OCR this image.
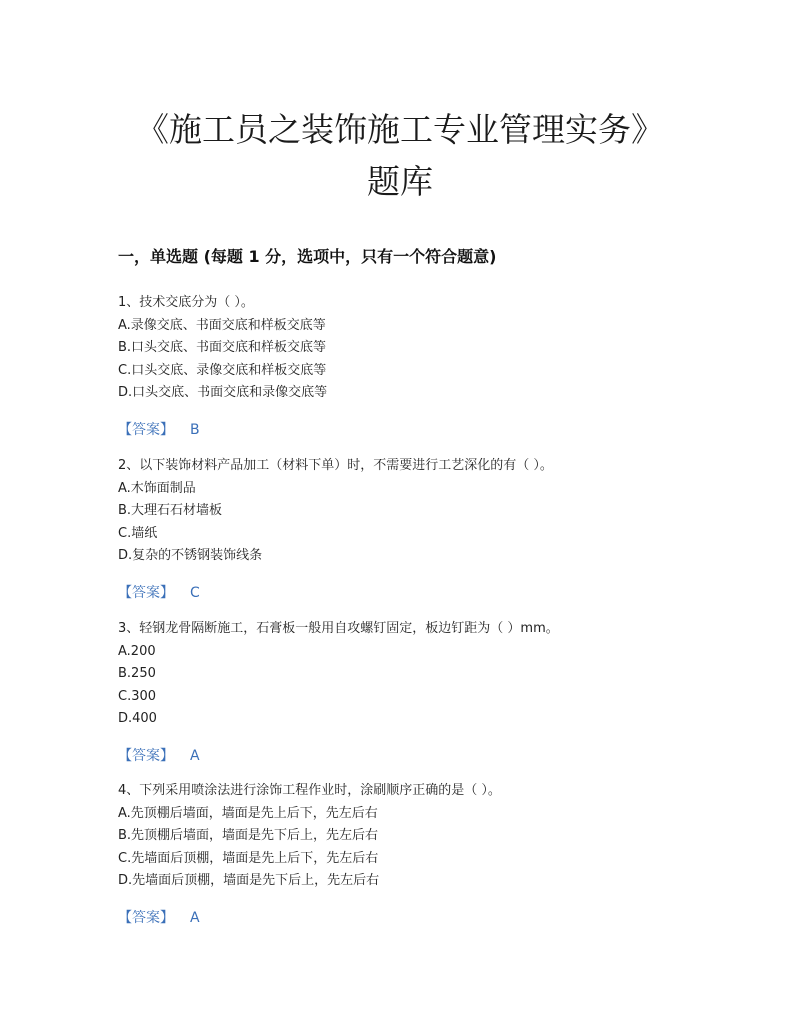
《施工员之装饰施工专业管理实务》
题库
一，单选题 (每题 1 分，选项中，只有一个符合题意)
1、技术交底分为（ ）。
A.录像交底、书面交底和样板交底等
B.口头交底、书面交底和样板交底等
C.口头交底、录像交底和样板交底等
D.口头交底、书面交底和录像交底等
【答案】 B
2、以下装饰材料产品加工（材料下单）时，不需要进行工艺深化的有（ ）。
A.木饰面制品
B.大理石石材墙板
C.墙纸
D.复杂的不锈钢装饰线条
【答案】 C
3、轻钢龙骨隔断施工，石膏板一般用自攻螺钉固定，板边钉距为（ ）mm。
A.200
B.250
C.300
D.400
【答案】 A
4、下列采用喷涂法进行涂饰工程作业时，涂刷顺序正确的是（ ）。
A.先顶棚后墙面，墙面是先上后下，先左后右
B.先顶棚后墙面，墙面是先下后上，先左后右
C.先墙面后顶棚，墙面是先上后下，先左后右
D.先墙面后顶棚，墙面是先下后上，先左后右
【答案】 A
